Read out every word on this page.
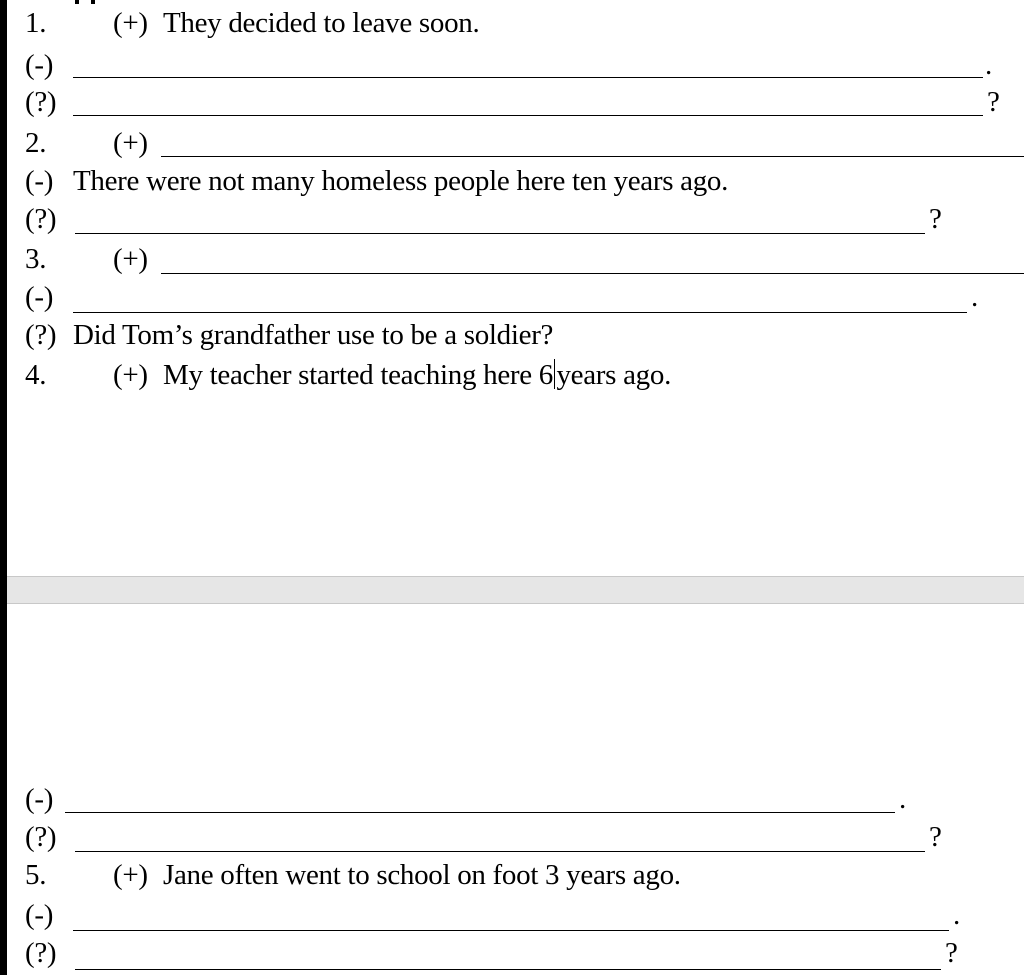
1. (+) They decided to leave soon.
(-)	.
(?)	?
2. (+)
(-) There were not many homeless people here ten years ago.
(?)	?
3. (+)
(-)	.
(?) Did Tom’s grandfather use to be a soldier?
4. (+) My teacher started teaching here 6 years ago.
(-)	.
(?)	?
5. (+) Jane often went to school on foot 3 years ago.
(-)	.
(?)	?
